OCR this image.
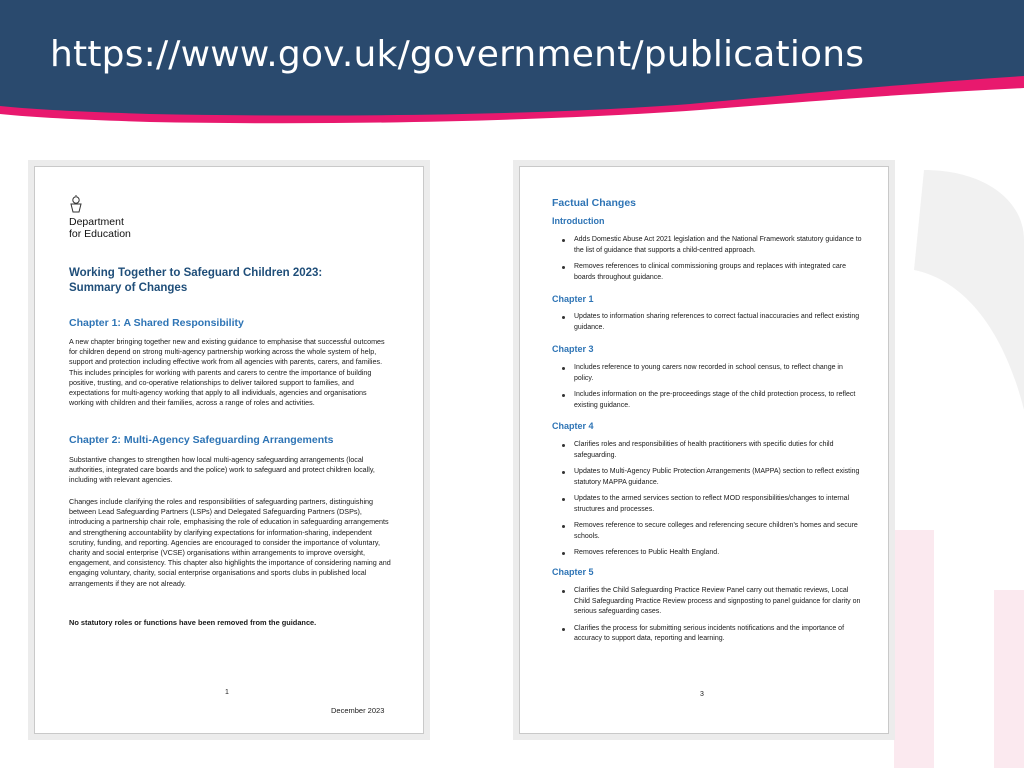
https://www.gov.uk/government/publications
Department
for Education
Working Together to Safeguard Children 2023:
Summary of Changes
Chapter 1: A Shared Responsibility

A new chapter bringing together new and existing guidance to emphasise that successful outcomes for children depend on strong multi-agency partnership working across the whole system of help, support and protection including effective work from all agencies with parents, carers, and families. This includes principles for working with parents and carers to centre the importance of building positive, trusting, and co-operative relationships to deliver tailored support to families, and expectations for multi-agency working that apply to all individuals, agencies and organisations working with children and their families, across a range of roles and activities.

Chapter 2: Multi-Agency Safeguarding Arrangements

Substantive changes to strengthen how local multi-agency safeguarding arrangements (local authorities, integrated care boards and the police) work to safeguard and protect children locally, including with relevant agencies.

Changes include clarifying the roles and responsibilities of safeguarding partners, distinguishing between Lead Safeguarding Partners (LSPs) and Delegated Safeguarding Partners (DSPs), introducing a partnership chair role, emphasising the role of education in safeguarding arrangements and strengthening accountability by clarifying expectations for information-sharing, independent scrutiny, funding, and reporting. Agencies are encouraged to consider the importance of voluntary, charity and social enterprise (VCSE) organisations within arrangements to improve oversight, engagement, and consistency. This chapter also highlights the importance of considering naming and engaging voluntary, charity, social enterprise organisations and sports clubs in published local arrangements if they are not already.

No statutory roles or functions have been removed from the guidance.
1
December 2023
Factual Changes
Introduction
Adds Domestic Abuse Act 2021 legislation and the National Framework statutory guidance to the list of guidance that supports a child-centred approach.
Removes references to clinical commissioning groups and replaces with integrated care boards throughout guidance.
Chapter 1
Updates to information sharing references to correct factual inaccuracies and reflect existing guidance.
Chapter 3
Includes reference to young carers now recorded in school census, to reflect change in policy.
Includes information on the pre-proceedings stage of the child protection process, to reflect existing guidance.
Chapter 4
Clarifies roles and responsibilities of health practitioners with specific duties for child safeguarding.
Updates to Multi-Agency Public Protection Arrangements (MAPPA) section to reflect existing statutory MAPPA guidance.
Updates to the armed services section to reflect MOD responsibilities/changes to internal structures and processes.
Removes reference to secure colleges and referencing secure children's homes and secure schools.
Removes references to Public Health England.
Chapter 5
Clarifies the Child Safeguarding Practice Review Panel carry out thematic reviews, Local Child Safeguarding Practice Review process and signposting to panel guidance for clarity on serious safeguarding cases.
Clarifies the process for submitting serious incidents notifications and the importance of accuracy to support data, reporting and learning.
3
